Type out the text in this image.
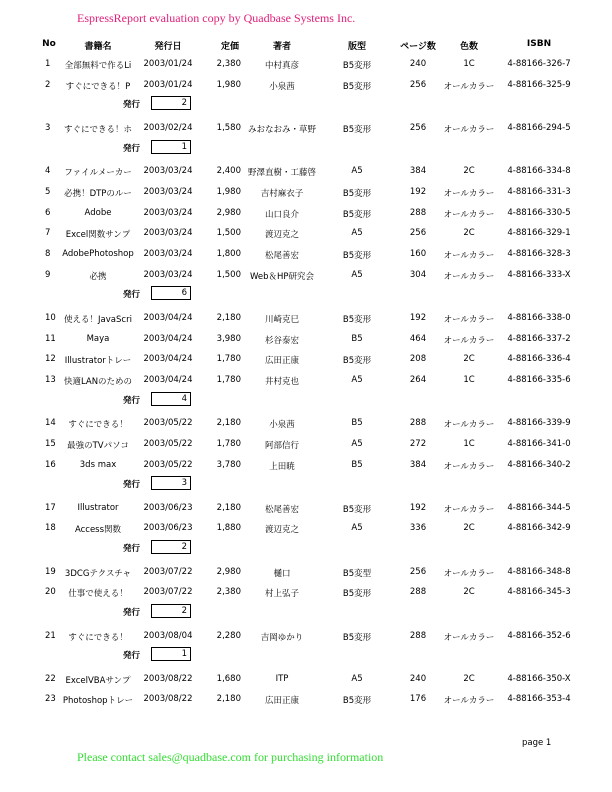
EspressReport evaluation copy by Quadbase Systems Inc.
No	書籍名	発行日	定価	著者	版型	ページ数	色数	ISBN
1 全部無料で作るLi 2003/01/24	2,380	中村真彦	B5変形	240	1C	4-88166-326-7
2 すぐにできる！P 2003/01/24	1,980	小泉茜	B5変形	256 オールカラー 4-88166-325-9
発行	2
3 すぐにできる！ホ 2003/02/24	1,580 みおなおみ・草野	B5変形	256 オールカラー 4-88166-294-5
発行	1
4 ファイルメーカー 2003/03/24	2,400 野澤直樹・工藤啓	A5	384	2C	4-88166-334-8
5 必携！DTPのルー 2003/03/24	1,980 吉村麻衣子	B5変形	192 オールカラー 4-88166-331-3
6	Adobe	2003/03/24	2,980	山口良介	B5変形	288 オールカラー 4-88166-330-5
7 Excel関数サンプ 2003/03/24	1,500	渡辺克之	A5	256	2C	4-88166-329-1
8 AdobePhotoshop 2003/03/24	1,800	松尾善宏	B5変形	160 オールカラー 4-88166-328-3
9	必携	2003/03/24	1,500 Web＆HP研究会	A5	304 オールカラー 4-88166-333-X
発行	6
10 使える！JavaScri 2003/04/24	2,180	川崎克巳	B5変形	192 オールカラー 4-88166-338-0
11	Maya	2003/04/24	3,980	杉谷泰宏	B5	464 オールカラー 4-88166-337-2
12 Illustratorトレー 2003/04/24	1,780	広田正康	B5変形	208	2C	4-88166-336-4
13 快適LANのための 2003/04/24	1,780	井村克也	A5	264	1C	4-88166-335-6
発行	4
14 すぐにできる！ 2003/05/22	2,180	小泉茜	B5	288 オールカラー 4-88166-339-9
15 最強のTVパソコ 2003/05/22	1,780	阿部信行	A5	272	1C	4-88166-341-0
16	3ds max	2003/05/22	3,780	上田暁	B5	384 オールカラー 4-88166-340-2
発行	3
17	Illustrator	2003/06/23	2,180	松尾善宏	B5変形	192 オールカラー 4-88166-344-5
18 Access関数	2003/06/23	1,880	渡辺克之	A5	336	2C	4-88166-342-9
発行	2
19 3DCGテクスチャ 2003/07/22	2,980	樋口	B5変型	256 オールカラー 4-88166-348-8
20 仕事で使える！ 2003/07/22	2,380	村上弘子	B5変形	288	2C	4-88166-345-3
発行	2
21 すぐにできる！ 2003/08/04	2,280 吉岡ゆかり	B5変形	288 オールカラー 4-88166-352-6
発行	1
22 ExcelVBAサンプ 2003/08/22	1,680	ITP	A5	240	2C	4-88166-350-X
23 Photoshopトレー 2003/08/22	2,180	広田正康	B5変形	176 オールカラー 4-88166-353-4
page 1
Please contact sales@quadbase.com for purchasing information
